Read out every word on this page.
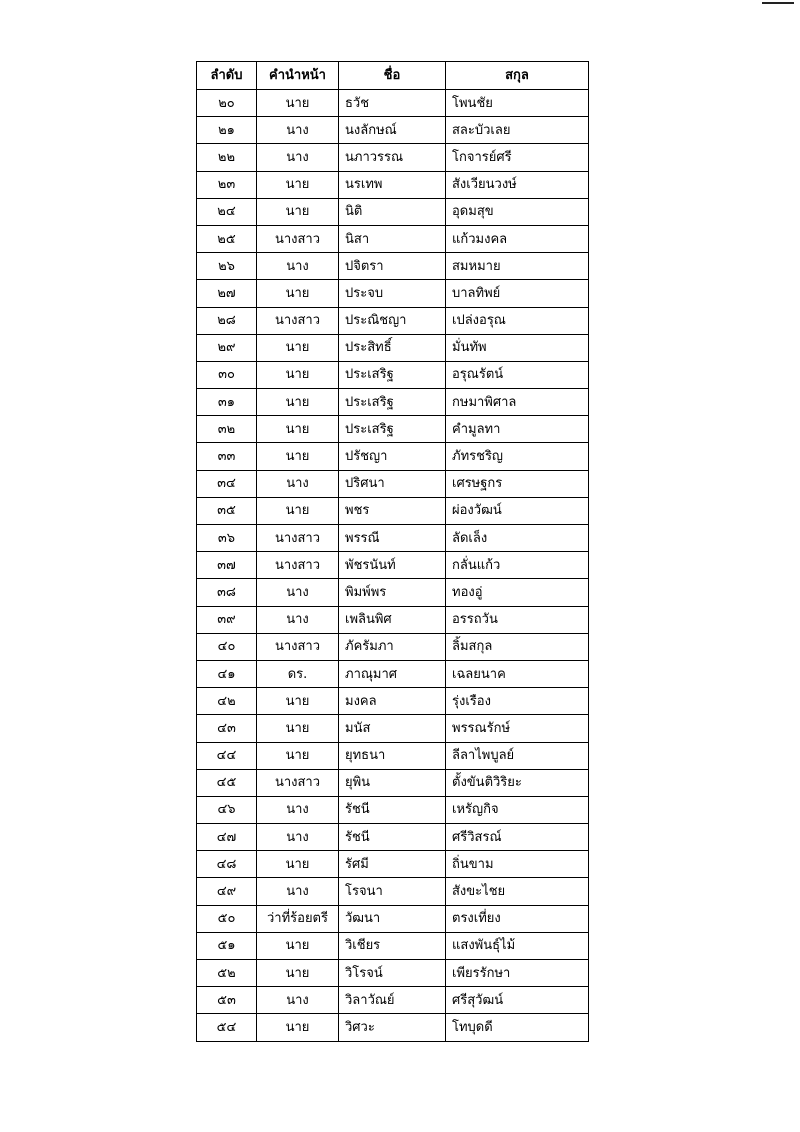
ลำดับ	คำนำหน้า	ชื่อ	สกุล
๒๐	นาย	ธวัช	โพนชัย
๒๑	นาง	นงลักษณ์	สละบัวเลย
๒๒	นาง	นภาวรรณ	โกจารย์ศรี
๒๓	นาย	นรเทพ	สังเวียนวงษ์
๒๔	นาย	นิติ	อุดมสุข
๒๕	นางสาว	นิสา	แก้วมงคล
๒๖	นาง	ปจิตรา	สมหมาย
๒๗	นาย	ประจบ	บาลทิพย์
๒๘	นางสาว	ประณิชญา	เปล่งอรุณ
๒๙	นาย	ประสิทธิ์	มั่นทัพ
๓๐	นาย	ประเสริฐ	อรุณรัตน์
๓๑	นาย	ประเสริฐ	กษมาพิศาล
๓๒	นาย	ประเสริฐ	คำมูลทา
๓๓	นาย	ปรัชญา	ภัทรชริญ
๓๔	นาง	ปริศนา	เศรษฐกร
๓๕	นาย	พชร	ผ่องวัฒน์
๓๖	นางสาว	พรรณี	ลัดเล็ง
๓๗	นางสาว	พัชรนันท์	กลั่นแก้ว
๓๘	นาง	พิมพ์พร	ทองอู่
๓๙	นาง	เพลินพิศ	อรรถวัน
๔๐	นางสาว	ภัครัมภา	ลิ้มสกุล
๔๑	ดร.	ภาณุมาศ	เฉลยนาค
๔๒	นาย	มงคล	รุ่งเรือง
๔๓	นาย	มนัส	พรรณรักษ์
๔๔	นาย	ยุทธนา	ลีลาไพบูลย์
๔๕	นางสาว	ยุพิน	ตั้งขันติวิริยะ
๔๖	นาง	รัชนี	เหรัญกิจ
๔๗	นาง	รัชนี	ศรีวิสรณ์
๔๘	นาย	รัศมี	ถิ่นขาม
๔๙	นาง	โรจนา	สังขะไชย
๕๐	ว่าที่ร้อยตรี	วัฒนา	ตรงเที่ยง
๕๑	นาย	วิเชียร	แสงพันธุ์ไม้
๕๒	นาย	วิโรจน์	เพียรรักษา
๕๓	นาง	วิลาวัณย์	ศรีสุวัฒน์
๕๔	นาย	วิศวะ	โทบุดดี
